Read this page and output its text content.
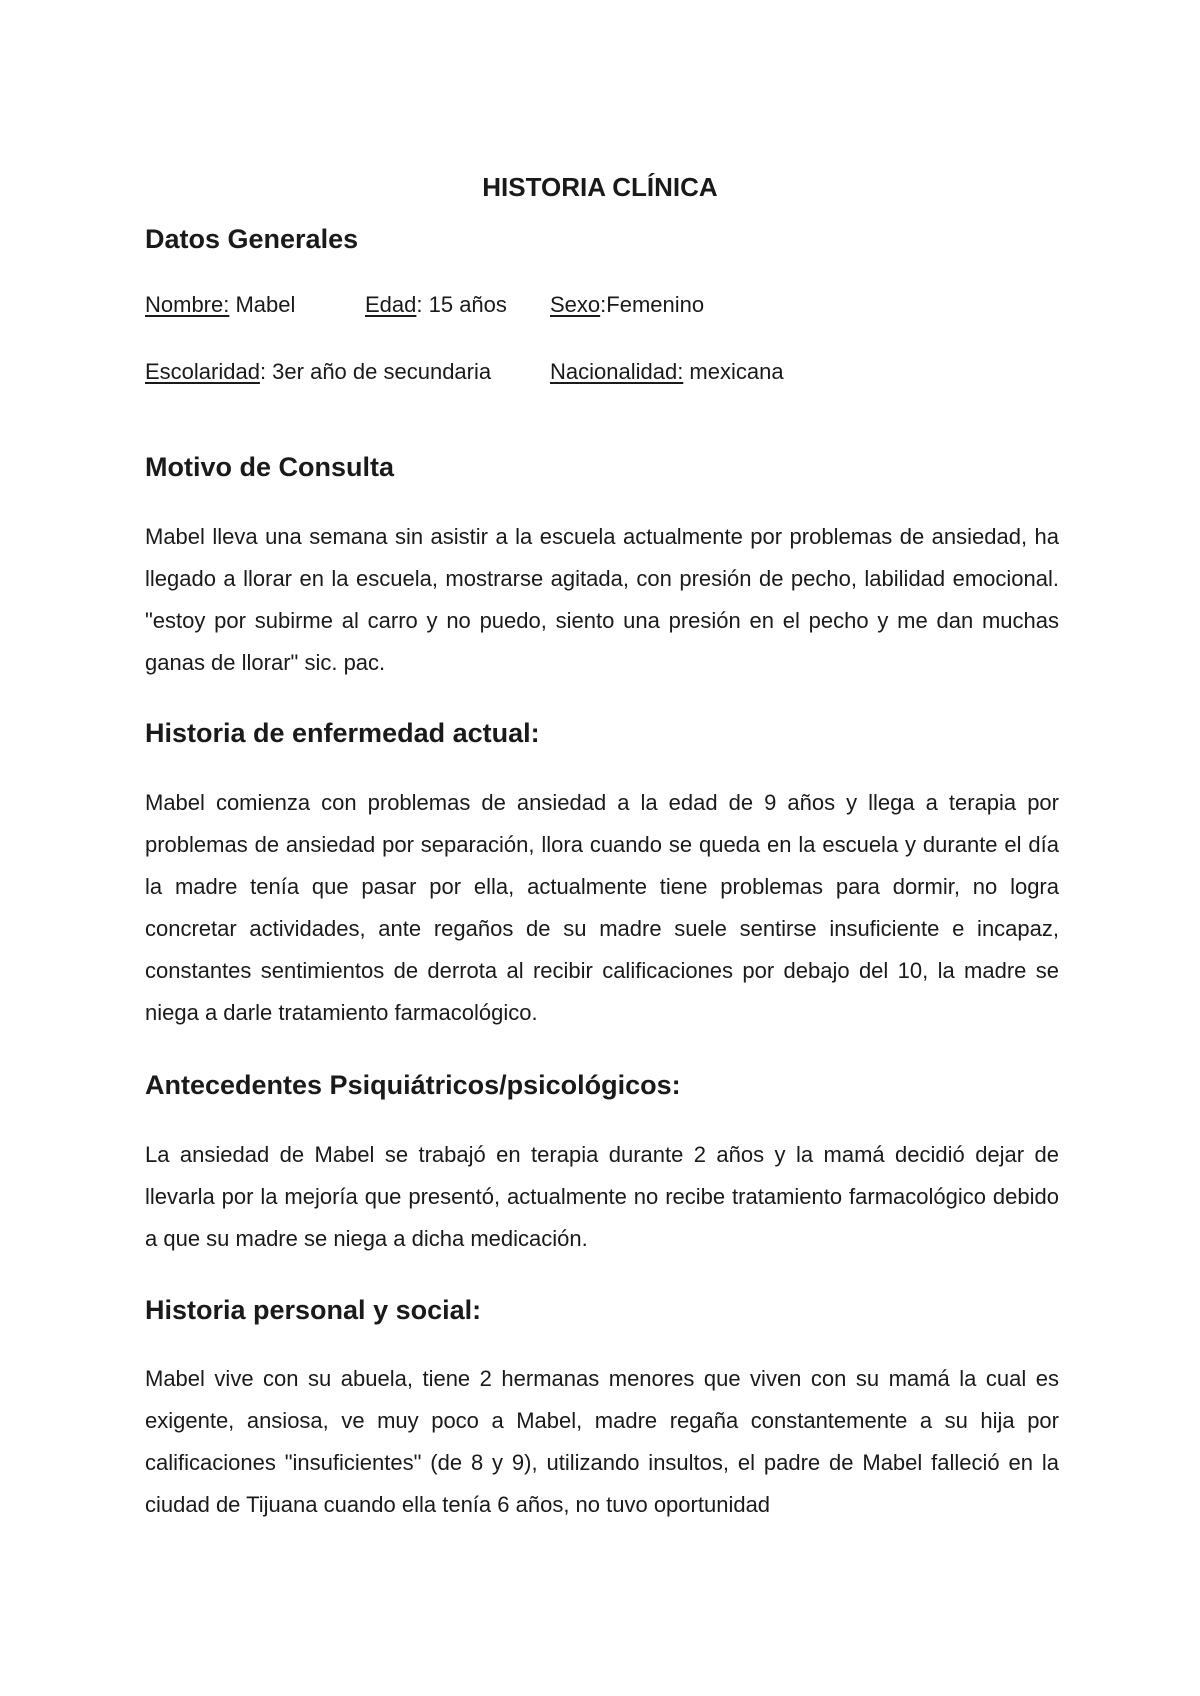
HISTORIA CLÍNICA
Datos Generales
Nombre: Mabel	Edad: 15 años Sexo:Femenino
Escolaridad: 3er año de secundaria	Nacionalidad: mexicana
Motivo de Consulta

Mabel lleva una semana sin asistir a la escuela actualmente por problemas de ansiedad, ha llegado a llorar en la escuela, mostrarse agitada, con presión de pecho, labilidad emocional. "estoy por subirme al carro y no puedo, siento una presión en el pecho y me dan muchas ganas de llorar" sic. pac.

Historia de enfermedad actual:

Mabel comienza con problemas de ansiedad a la edad de 9 años y llega a terapia por problemas de ansiedad por separación, llora cuando se queda en la escuela y durante el día la madre tenía que pasar por ella, actualmente tiene problemas para dormir, no logra concretar actividades, ante regaños de su madre suele sentirse insuficiente e incapaz, constantes sentimientos de derrota al recibir calificaciones por debajo del 10, la madre se niega a darle tratamiento farmacológico.

Antecedentes Psiquiátricos/psicológicos:

La ansiedad de Mabel se trabajó en terapia durante 2 años y la mamá decidió dejar de llevarla por la mejoría que presentó, actualmente no recibe tratamiento farmacológico debido a que su madre se niega a dicha medicación.

Historia personal y social:

Mabel vive con su abuela, tiene 2 hermanas menores que viven con su mamá la cual es exigente, ansiosa, ve muy poco a Mabel, madre regaña constantemente a su hija por calificaciones "insuficientes" (de 8 y 9), utilizando insultos, el padre de Mabel falleció en la ciudad de Tijuana cuando ella tenía 6 años, no tuvo oportunidad
